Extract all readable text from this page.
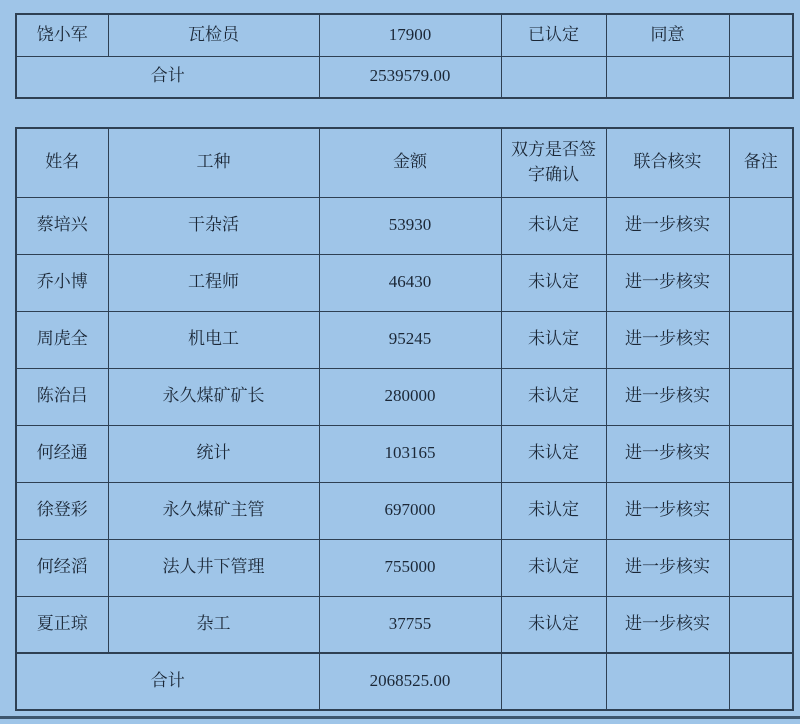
饶小军	瓦检员	17900	已认定	同意	
合计		2539579.00			
姓名	工种	金额	双方是否签字确认	联合核实	备注
蔡培兴	干杂活	53930	未认定	进一步核实	
乔小博	工程师	46430	未认定	进一步核实	
周虎全	机电工	95245	未认定	进一步核实	
陈治吕	永久煤矿矿长	280000	未认定	进一步核实	
何经通	统计	103165	未认定	进一步核实	
徐登彩	永久煤矿主管	697000	未认定	进一步核实	
何经滔	法人井下管理	755000	未认定	进一步核实	
夏正琼	杂工	37755	未认定	进一步核实	
合计		2068525.00			
